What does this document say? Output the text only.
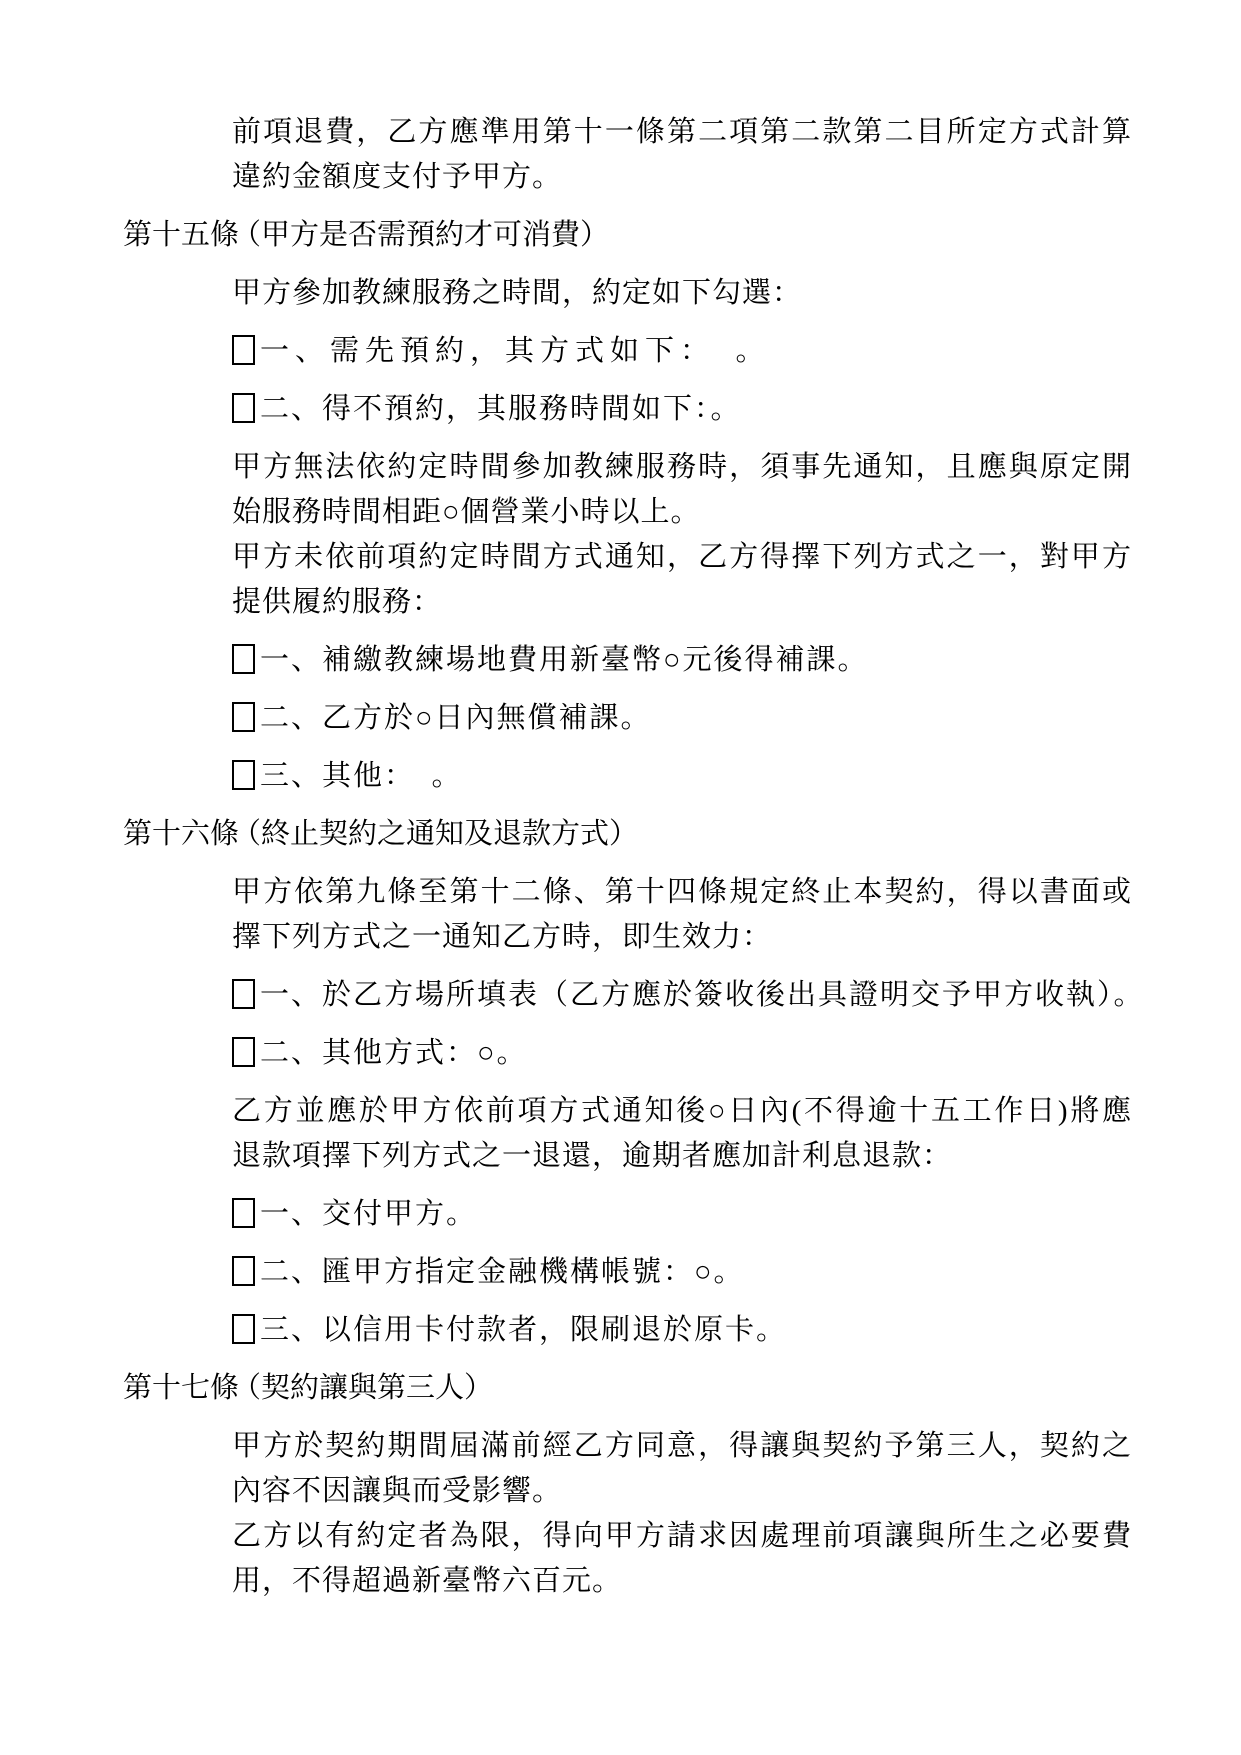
前項退費，乙方應準用第十一條第二項第二款第二目所定方式計算
違約金額度支付予甲方。
第十五條
（甲方是否需預約才可消費）
甲方參加教練服務之時間，約定如下勾選：
一、需先預約，其方式如下：　。
二、得不預約，其服務時間如下：。
甲方無法依約定時間參加教練服務時，須事先通知，且應與原定開
始服務時間相距○個營業小時以上。
甲方未依前項約定時間方式通知，乙方得擇下列方式之一，對甲方
提供履約服務：
一、補繳教練場地費用新臺幣○元後得補課。
二、乙方於○日內無償補課。
三、其他：　。
第十六條
（終止契約之通知及退款方式）
甲方依第九條至第十二條、第十四條規定終止本契約，得以書面或
擇下列方式之一通知乙方時，即生效力：
一、於乙方場所填表（乙方應於簽收後出具證明交予甲方收執）。
二、其他方式：○。
乙方並應於甲方依前項方式通知後○日內(不得逾十五工作日)將應
退款項擇下列方式之一退還，逾期者應加計利息退款：
一、交付甲方。
二、匯甲方指定金融機構帳號：○。
三、以信用卡付款者，限刷退於原卡。
第十七條
（契約讓與第三人）
甲方於契約期間屆滿前經乙方同意，得讓與契約予第三人，契約之
內容不因讓與而受影響。
乙方以有約定者為限，得向甲方請求因處理前項讓與所生之必要費
用，不得超過新臺幣六百元。
